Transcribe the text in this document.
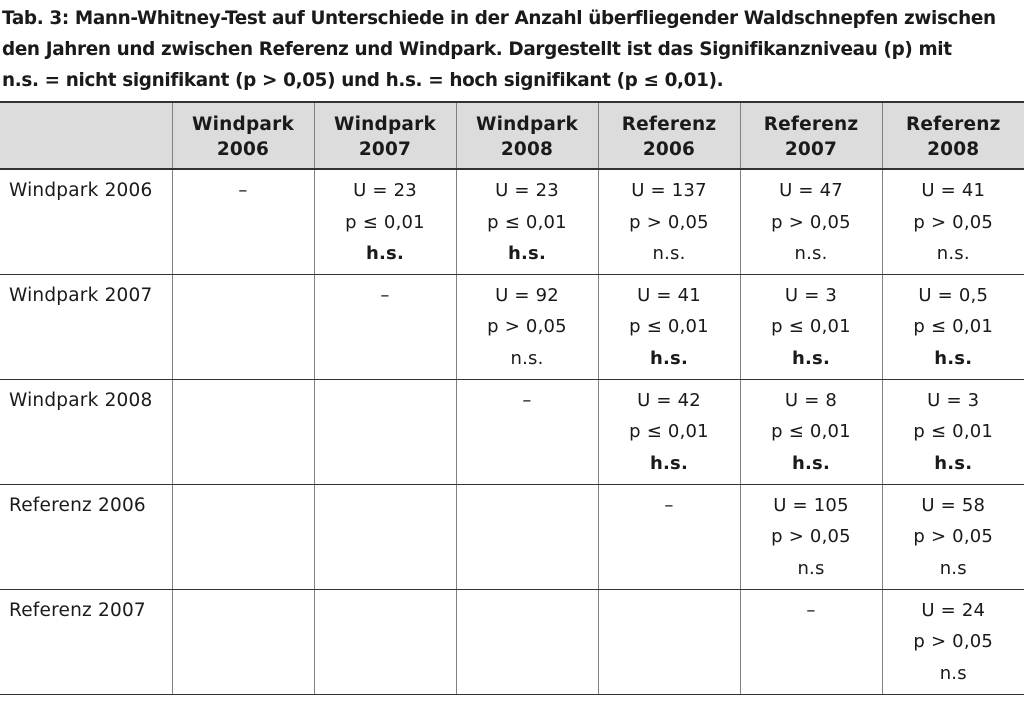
Tab. 3: Mann-Whitney-Test auf Unterschiede in der Anzahl überfliegender Waldschnepfen zwischen
den Jahren und zwischen Referenz und Windpark. Dargestellt ist das Signifikanzniveau (p) mit
n.s. = nicht signifikant (p > 0,05) und h.s. = hoch signifikant (p ≤ 0,01).
	Windpark
2006	Windpark
2007	Windpark
2008	Referenz
2006	Referenz
2007	Referenz
2008
Windpark 2006	–	U = 23
p ≤ 0,01
h.s.	U = 23
p ≤ 0,01
h.s.	U = 137
p > 0,05
n.s.	U = 47
p > 0,05
n.s.	U = 41
p > 0,05
n.s.

Windpark 2007		–	U = 92
p > 0,05
n.s.	U = 41
p ≤ 0,01
h.s.	U = 3
p ≤ 0,01
h.s.	U = 0,5
p ≤ 0,01
h.s.

Windpark 2008			–	U = 42
p ≤ 0,01
h.s.	U = 8
p ≤ 0,01
h.s.	U = 3
p ≤ 0,01
h.s.

Referenz 2006				–	U = 105
p > 0,05
n.s	U = 58
p > 0,05
n.s

Referenz 2007					–	U = 24
p > 0,05
n.s
